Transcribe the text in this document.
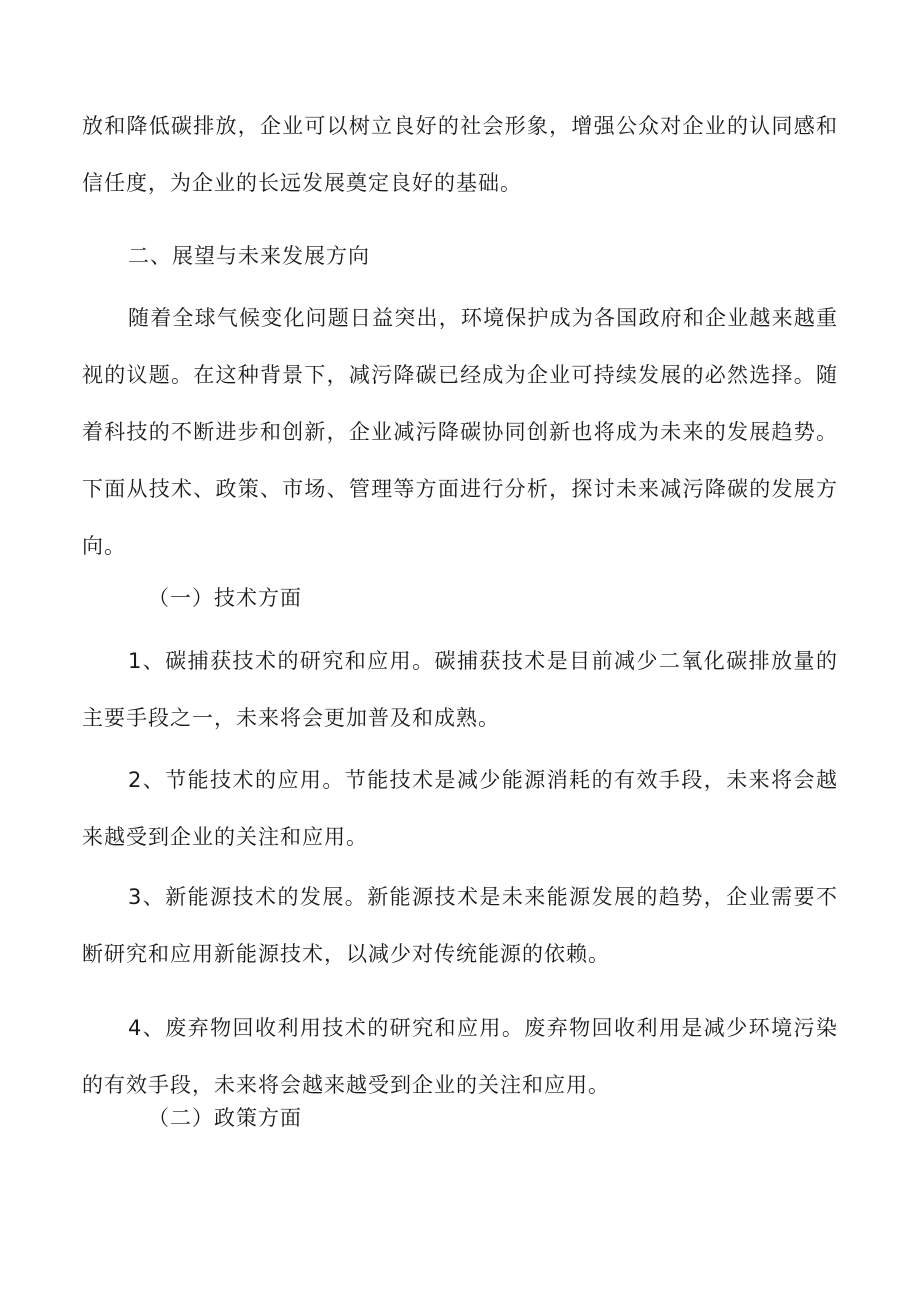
放和降低碳排放，企业可以树立良好的社会形象，增强公众对企业的认同感和信任度，为企业的长远发展奠定良好的基础。

二、展望与未来发展方向

随着全球气候变化问题日益突出，环境保护成为各国政府和企业越来越重视的议题。在这种背景下，减污降碳已经成为企业可持续发展的必然选择。随着科技的不断进步和创新，企业减污降碳协同创新也将成为未来的发展趋势。下面从技术、政策、市场、管理等方面进行分析，探讨未来减污降碳的发展方向。

（一）技术方面

1、碳捕获技术的研究和应用。碳捕获技术是目前减少二氧化碳排放量的主要手段之一，未来将会更加普及和成熟。

2、节能技术的应用。节能技术是减少能源消耗的有效手段，未来将会越来越受到企业的关注和应用。

3、新能源技术的发展。新能源技术是未来能源发展的趋势，企业需要不断研究和应用新能源技术，以减少对传统能源的依赖。

4、废弃物回收利用技术的研究和应用。废弃物回收利用是减少环境污染的有效手段，未来将会越来越受到企业的关注和应用。

（二）政策方面
